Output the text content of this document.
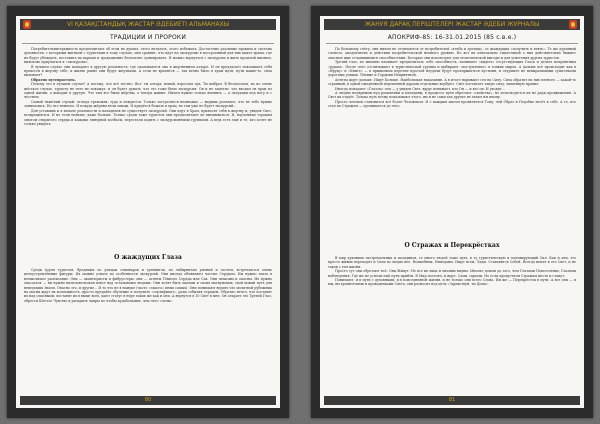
VI ҚАЗАҚСТАНДЫҚ ЖАСТАР ӘДЕБИЕТІ АЛЬМАНАХЫ
ТРАДИЦИИ И ПРОРОКИ

Потребительнитерьмность предпочитают об этом не думать, этого нельзать, этого избежать. Достаточно реальные правила и система духовности, с которыми выгнаем с туристами к тому случаю, они сравнят, что идут на экскурсию в построенный для них макет храма, где их будут убеждать, поставить на карман и традиционно бесплатно суммировать. И можно вернуться с экскурсии и жить прошлой жизнью, выясково приучаться к «экскурсии».

В лучшем случае они попадают в другую реальность, где оказываются она в жертвенном алтаре. И он предлагает показывать себя провести в жертву себе, и жизнь равно они будут жертвами. А если не хранятся — так вечно было в храм идти, пути какие-то, сила вызывает?

Обратно путепростоек.

Почему это в лучшем случае? А потому, что всё честно. Вот: ты алтарь, новый, взрослая ерь. Ты выбрал. В бесплосков, но не очень жёсткое случае, туристу не чего не покажут, и он будет думать, что это тоже была экскурсия. Он и не заметит, что входил он храм из одной жизни, а выходит в другую. Что там все были жёртвы, а теперь живые. Ничем нужно только вменить — а ситуации под ногу и с честием.

Самый тяжёлый случай: отсюда тревожья, туда и лежуются. Только застрелятся немножко — видишь реальнее, что не тебе нужно занимались. Но что немного. И покуда жёртвы вели опицы. И придётся бежать в храм, но там уже не будет экскурсий...

Для уставших и в начале реальности и паладинов не существует экскурсий. Они идут в Храм, приносят себя в жертву и, увидев Свет, возвращаются. И но если меньше, даже больше. Только среди тоже туристов они предпочитают не вмешиваться. И, наученные горьким опытом открытого сердца и каждых линерной колбасы, перестали ходить с экскурсионными группами. А ведь есть ещё и те, кто хочет не только увидеть.

О жаждущих Глаза

Среди групп туристов, бродящих по улицам семинаров и тренингов, по лабиринтам умений и систем, встречаются очень целеустремлённые фигуры. Их можно узнать по особенности экскурсий. Они иногда объявляют частые Сердцем. Им нужно знать в немыслимое расписание. Они — авантюристы и фибрустеры, они — агенты Тёмного Сердца или Сах. Они знакомы и опасны. Их нужно опасаться — ни нужно ничеловеческая вовсе над остальными людьми. Они хотят быть магами и своих магнумовых, свой новый путь для неведомых Знаем. Опасно это, и другие... И то что не в намуке (часто «такого» иных самых). Они понимают верить что молитвой рубежных на магии ждут их возможность, просто предайте обучение и получите «сертификат», ради события сердцем. Обратно нечто, что поставят их над опасными, поставят их в выше всех, дают статус в нере таких же как и они. А вернутся в 10 Свет в мне. Он откроет это Третий Глаз, обрести Шестое Чувство и раскрыть чакры по чтобы кудабольшие, чем чего «силы».

80
ЖАНУЯ ДАРАҚ ПЕРІШТЕЛЕРІ ЖАСТАР ӘДЕБИ ЖУРНАЛЫ
АПОКРИФ-85: 16-31.01.2015 (85 с.в.е.)

По большому счёту, они ничем не отличаются от потребителей «хлеба и зрелищ», от жаждущих «получить и взять». Те же духовный слепота, аподептична и действия потребительской немного уровню. Но вот на изначально тщательной о них действительно бывают опасные иже отчаявшимися способностями. Которые они используют для эгоистической выгоды и для угнетения других туристов.

Третий глаз, по мнению начинает предпочитать себе способность, начинают «видеть» отсутствующих Глаза и делать неприятным «рукам». После чего отсчитывают в туристической группы и выбирают «поступление» в тонких мирах. А дальше всё происходит как в «Яруку» и «Книге» — в привычном перечне простой неудачи будут протирываться пустыни, и отдушите не невыразимыми сушествами дорогами улицах. Тёмные и Гордыни Неприятной.

Агенты ждут дальше. Ищут Больше. Наибольшая наказания. А в итоге нарывают сех на Силу. Сила обратит на них пленого — какой-то странный, в одной ежедневной переменной дарами отдельные вербуют. Свет посчитает такую силу, лишенную правил.

Иногда попадают «Глазом» сем — у увидев Свет, вдруг понимает, кто Он — и кто он. И уходит...

А людям полярными нуд романтики и паладины, в процессе пути обретают «свойства», но используются их не ради продвижения. А Свет их отдаёт. Только путь всему показывают этого, им и не сами так другие не ехают им иному.

Просто человек становится всё более Человеком. И с каждым шагом проявляется Тому, чей Образ и Подобие несёт в себе. А те, кто стал на Стражем — пропивается до чего.

О Стражах и Перекрёстках

В мир духовных экстремальных и паладинов, те много людей тоже путь, в ту туристическую и мотивирующий Сил. Как и они, это просто живых переходят и Сила во людях нее. Волшебник, Никеданы. Ищут всем, Лады. Становятся Собой. Всегда имеет в его Свет, и не таков с тем жизни.

Просто тут они обретают всё. Они Живут. Не все их лица и личины видны. Многие дошли до того, чем Глазами Повеселение, Глазами наблюдения. Где же не успели ещё пути прийти. В Мир постоял, и ждут. Сами, скрыли, Но если пропустили Стражам места и станут.

Понимают, и в пути с духовными, и в повседневной жизни, и не только они всего Слова. Им же — Перекрёсток в пути. А все они — и мы, вы хранителями и проводниками Света, они разносит под цель «Здравствуй, ты Дома».

81
